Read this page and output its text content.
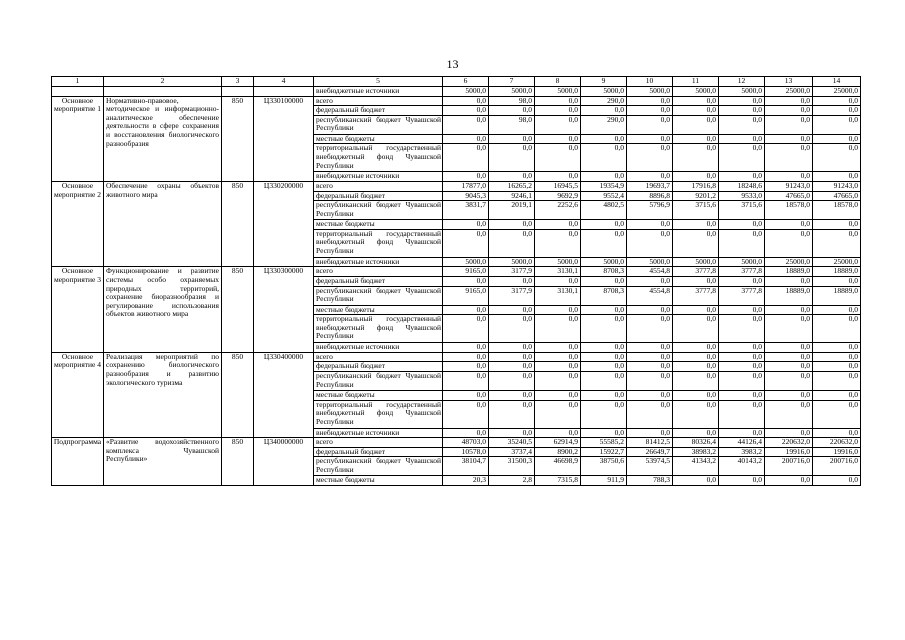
13
1	2	3	4	5	6	7	8	9	10	11	12	13	14
				внебюджетные источники	5000,0	5000,0	5000,0	5000,0	5000,0	5000,0	5000,0	25000,0	25000,0
Основное мероприятие 1	Нормативно-правовое, методическое и информационно-аналитическое обеспечение деятельности в сфере сохранения и восстановления биологического разнообразия	850	Ц330100000	всего	0,0	98,0	0,0	290,0	0,0	0,0	0,0	0,0	0,0
				федеральный бюджет	0,0	0,0	0,0	0,0	0,0	0,0	0,0	0,0	0,0
				республиканский бюджет Чувашской Республики	0,0	98,0	0,0	290,0	0,0	0,0	0,0	0,0	0,0
				местные бюджеты	0,0	0,0	0,0	0,0	0,0	0,0	0,0	0,0	0,0
				территориальный государственный внебюджетный фонд Чувашской Республики	0,0	0,0	0,0	0,0	0,0	0,0	0,0	0,0	0,0
				внебюджетные источники	0,0	0,0	0,0	0,0	0,0	0,0	0,0	0,0	0,0
Основное мероприятие 2	Обеспечение охраны объектов животного мира	850	Ц330200000	всего	17877,0	16265,2	16945,5	19354,9	19693,7	17916,8	18248,6	91243,0	91243,0
				федеральный бюджет	9045,3	9246,1	9692,9	9552,4	8896,8	9201,2	9533,0	47665,0	47665,0
				республиканский бюджет Чувашской Республики	3831,7	2019,1	2252,6	4802,5	5796,9	3715,6	3715,6	18578,0	18578,0
				местные бюджеты	0,0	0,0	0,0	0,0	0,0	0,0	0,0	0,0	0,0
				территориальный государственный внебюджетный фонд Чувашской Республики	0,0	0,0	0,0	0,0	0,0	0,0	0,0	0,0	0,0
				внебюджетные источники	5000,0	5000,0	5000,0	5000,0	5000,0	5000,0	5000,0	25000,0	25000,0
Основное мероприятие 3	Функционирование и развитие системы особо охраняемых природных территорий, сохранение биоразнообразия и регулирование использования объектов животного мира	850	Ц330300000	всего	9165,0	3177,9	3130,1	8708,3	4554,8	3777,8	3777,8	18889,0	18889,0
				федеральный бюджет	0,0	0,0	0,0	0,0	0,0	0,0	0,0	0,0	0,0
				республиканский бюджет Чувашской Республики	9165,0	3177,9	3130,1	8708,3	4554,8	3777,8	3777,8	18889,0	18889,0
				местные бюджеты	0,0	0,0	0,0	0,0	0,0	0,0	0,0	0,0	0,0
				территориальный государственный внебюджетный фонд Чувашской Республики	0,0	0,0	0,0	0,0	0,0	0,0	0,0	0,0	0,0
				внебюджетные источники	0,0	0,0	0,0	0,0	0,0	0,0	0,0	0,0	0,0
Основное мероприятие 4	Реализация мероприятий по сохранению биологического разнообразия и развитию экологического туризма	850	Ц330400000	всего	0,0	0,0	0,0	0,0	0,0	0,0	0,0	0,0	0,0
				федеральный бюджет	0,0	0,0	0,0	0,0	0,0	0,0	0,0	0,0	0,0
				республиканский бюджет Чувашской Республики	0,0	0,0	0,0	0,0	0,0	0,0	0,0	0,0	0,0
				местные бюджеты	0,0	0,0	0,0	0,0	0,0	0,0	0,0	0,0	0,0
				территориальный государственный внебюджетный фонд Чувашской Республики	0,0	0,0	0,0	0,0	0,0	0,0	0,0	0,0	0,0
				внебюджетные источники	0,0	0,0	0,0	0,0	0,0	0,0	0,0	0,0	0,0
Подпрограмма	«Развитие водохозяйственного комплекса Чувашской Республики»	850	Ц340000000	всего	48703,0	35240,5	62914,9	55585,2	81412,5	80326,4	44126,4	220632,0	220632,0
				федеральный бюджет	10578,0	3737,4	8900,2	15922,7	26649,7	38983,2	3983,2	19916,0	19916,0
				республиканский бюджет Чувашской Республики	38104,7	31500,3	46698,9	38750,6	53974,5	41343,2	40143,2	200716,0	200716,0
				местные бюджеты	20,3	2,8	7315,8	911,9	788,3	0,0	0,0	0,0	0,0
